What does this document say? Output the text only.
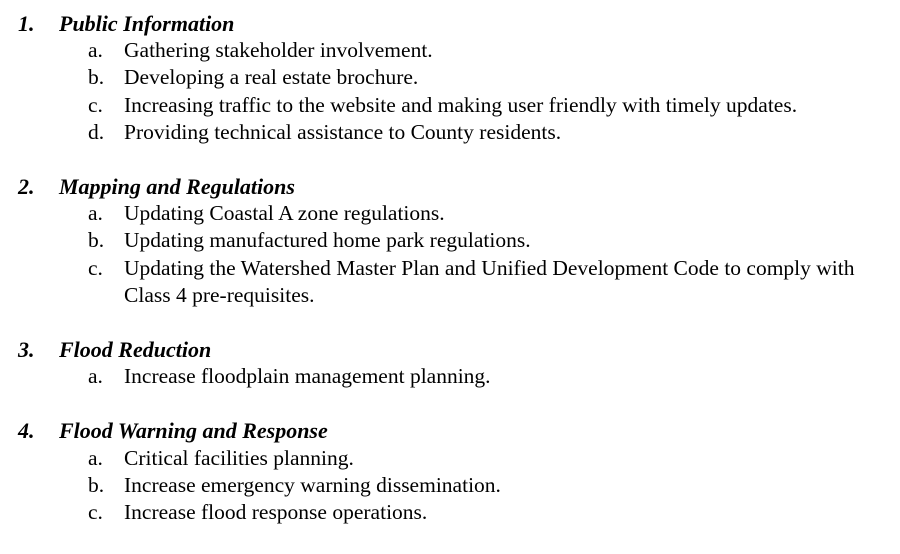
1.	Public Information
a. Gathering stakeholder involvement.
b. Developing a real estate brochure.
c. Increasing traffic to the website and making user friendly with timely updates.
d. Providing technical assistance to County residents.
2.	Mapping and Regulations
a. Updating Coastal A zone regulations.
b. Updating manufactured home park regulations.
c. Updating the Watershed Master Plan and Unified Development Code to comply with Class 4 pre-requisites.
3.	Flood Reduction
a. Increase floodplain management planning.
4.	Flood Warning and Response
a. Critical facilities planning.
b. Increase emergency warning dissemination.
c. Increase flood response operations.
